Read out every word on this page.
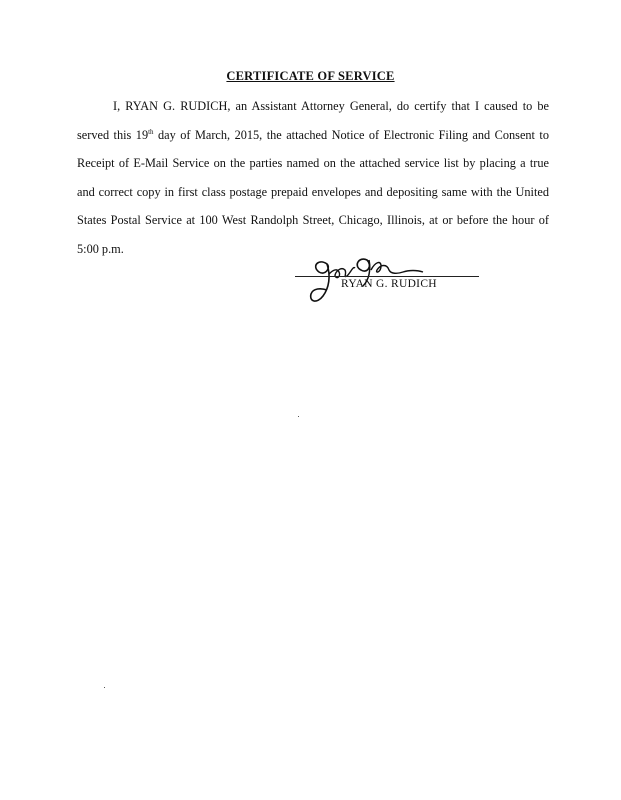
CERTIFICATE OF SERVICE

I, RYAN G. RUDICH, an Assistant Attorney General, do certify that I caused to be served this 19th day of March, 2015, the attached Notice of Electronic Filing and Consent to Receipt of E-Mail Service on the parties named on the attached service list by placing a true and correct copy in first class postage prepaid envelopes and depositing same with the United States Postal Service at 100 West Randolph Street, Chicago, Illinois, at or before the hour of 5:00 p.m.

RYAN G. RUDICH
